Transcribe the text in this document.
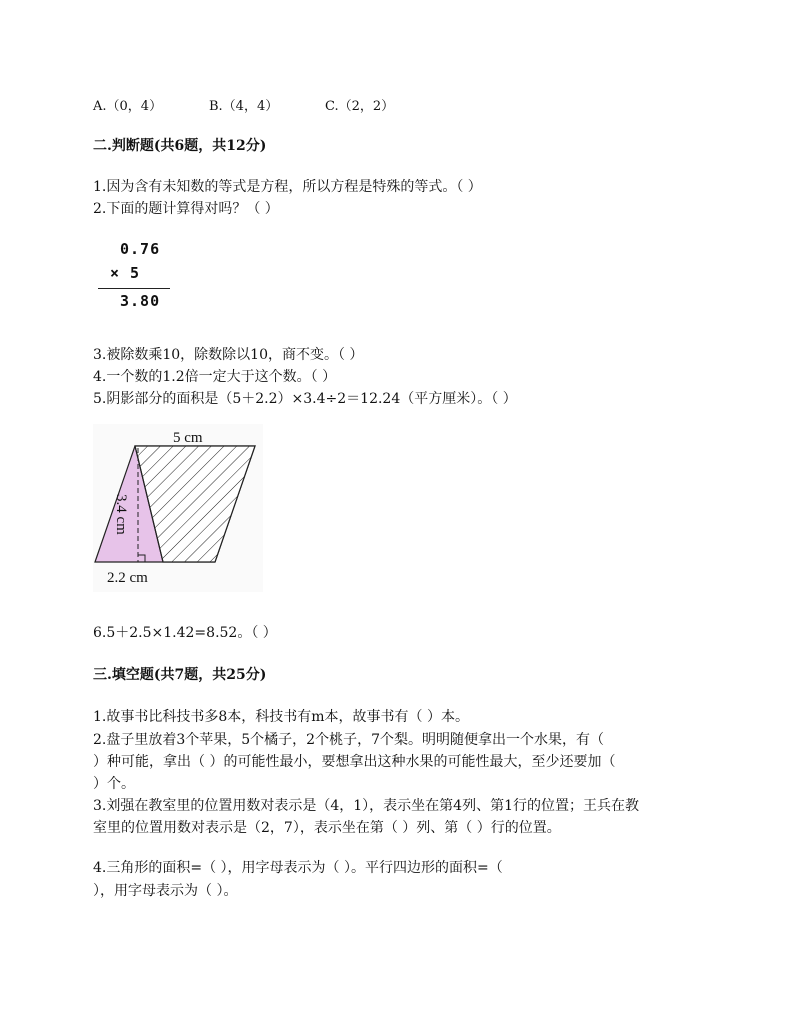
A.（0，4）	B.（4，4）	C.（2，2）
二.判断题(共6题，共12分)
1.因为含有未知数的等式是方程，所以方程是特殊的等式。（ ）
2.下面的题计算得对吗？（ ）
0.76
× 5
3.80
3.被除数乘10，除数除以10，商不变。（ ）
4.一个数的1.2倍一定大于这个数。（ ）
5.阴影部分的面积是（5＋2.2）×3.4÷2＝12.24（平方厘米）。（ ）
5 cm
3.4 cm
2.2 cm
6.5＋2.5×1.42=8.52。（ ）
三.填空题(共7题，共25分)
1.故事书比科技书多8本，科技书有m本，故事书有（ ）本。
2.盘子里放着3个苹果，5个橘子，2个桃子，7个梨。明明随便拿出一个水果，有（
）种可能，拿出（ ）的可能性最小，要想拿出这种水果的可能性最大，至少还要加（
）个。
3.刘强在教室里的位置用数对表示是（4，1），表示坐在第4列、第1行的位置；王兵在教
室里的位置用数对表示是（2，7），表示坐在第（ ）列、第（ ）行的位置。
4.三角形的面积=（ ），用字母表示为（ ）。平行四边形的面积=（
），用字母表示为（ ）。
